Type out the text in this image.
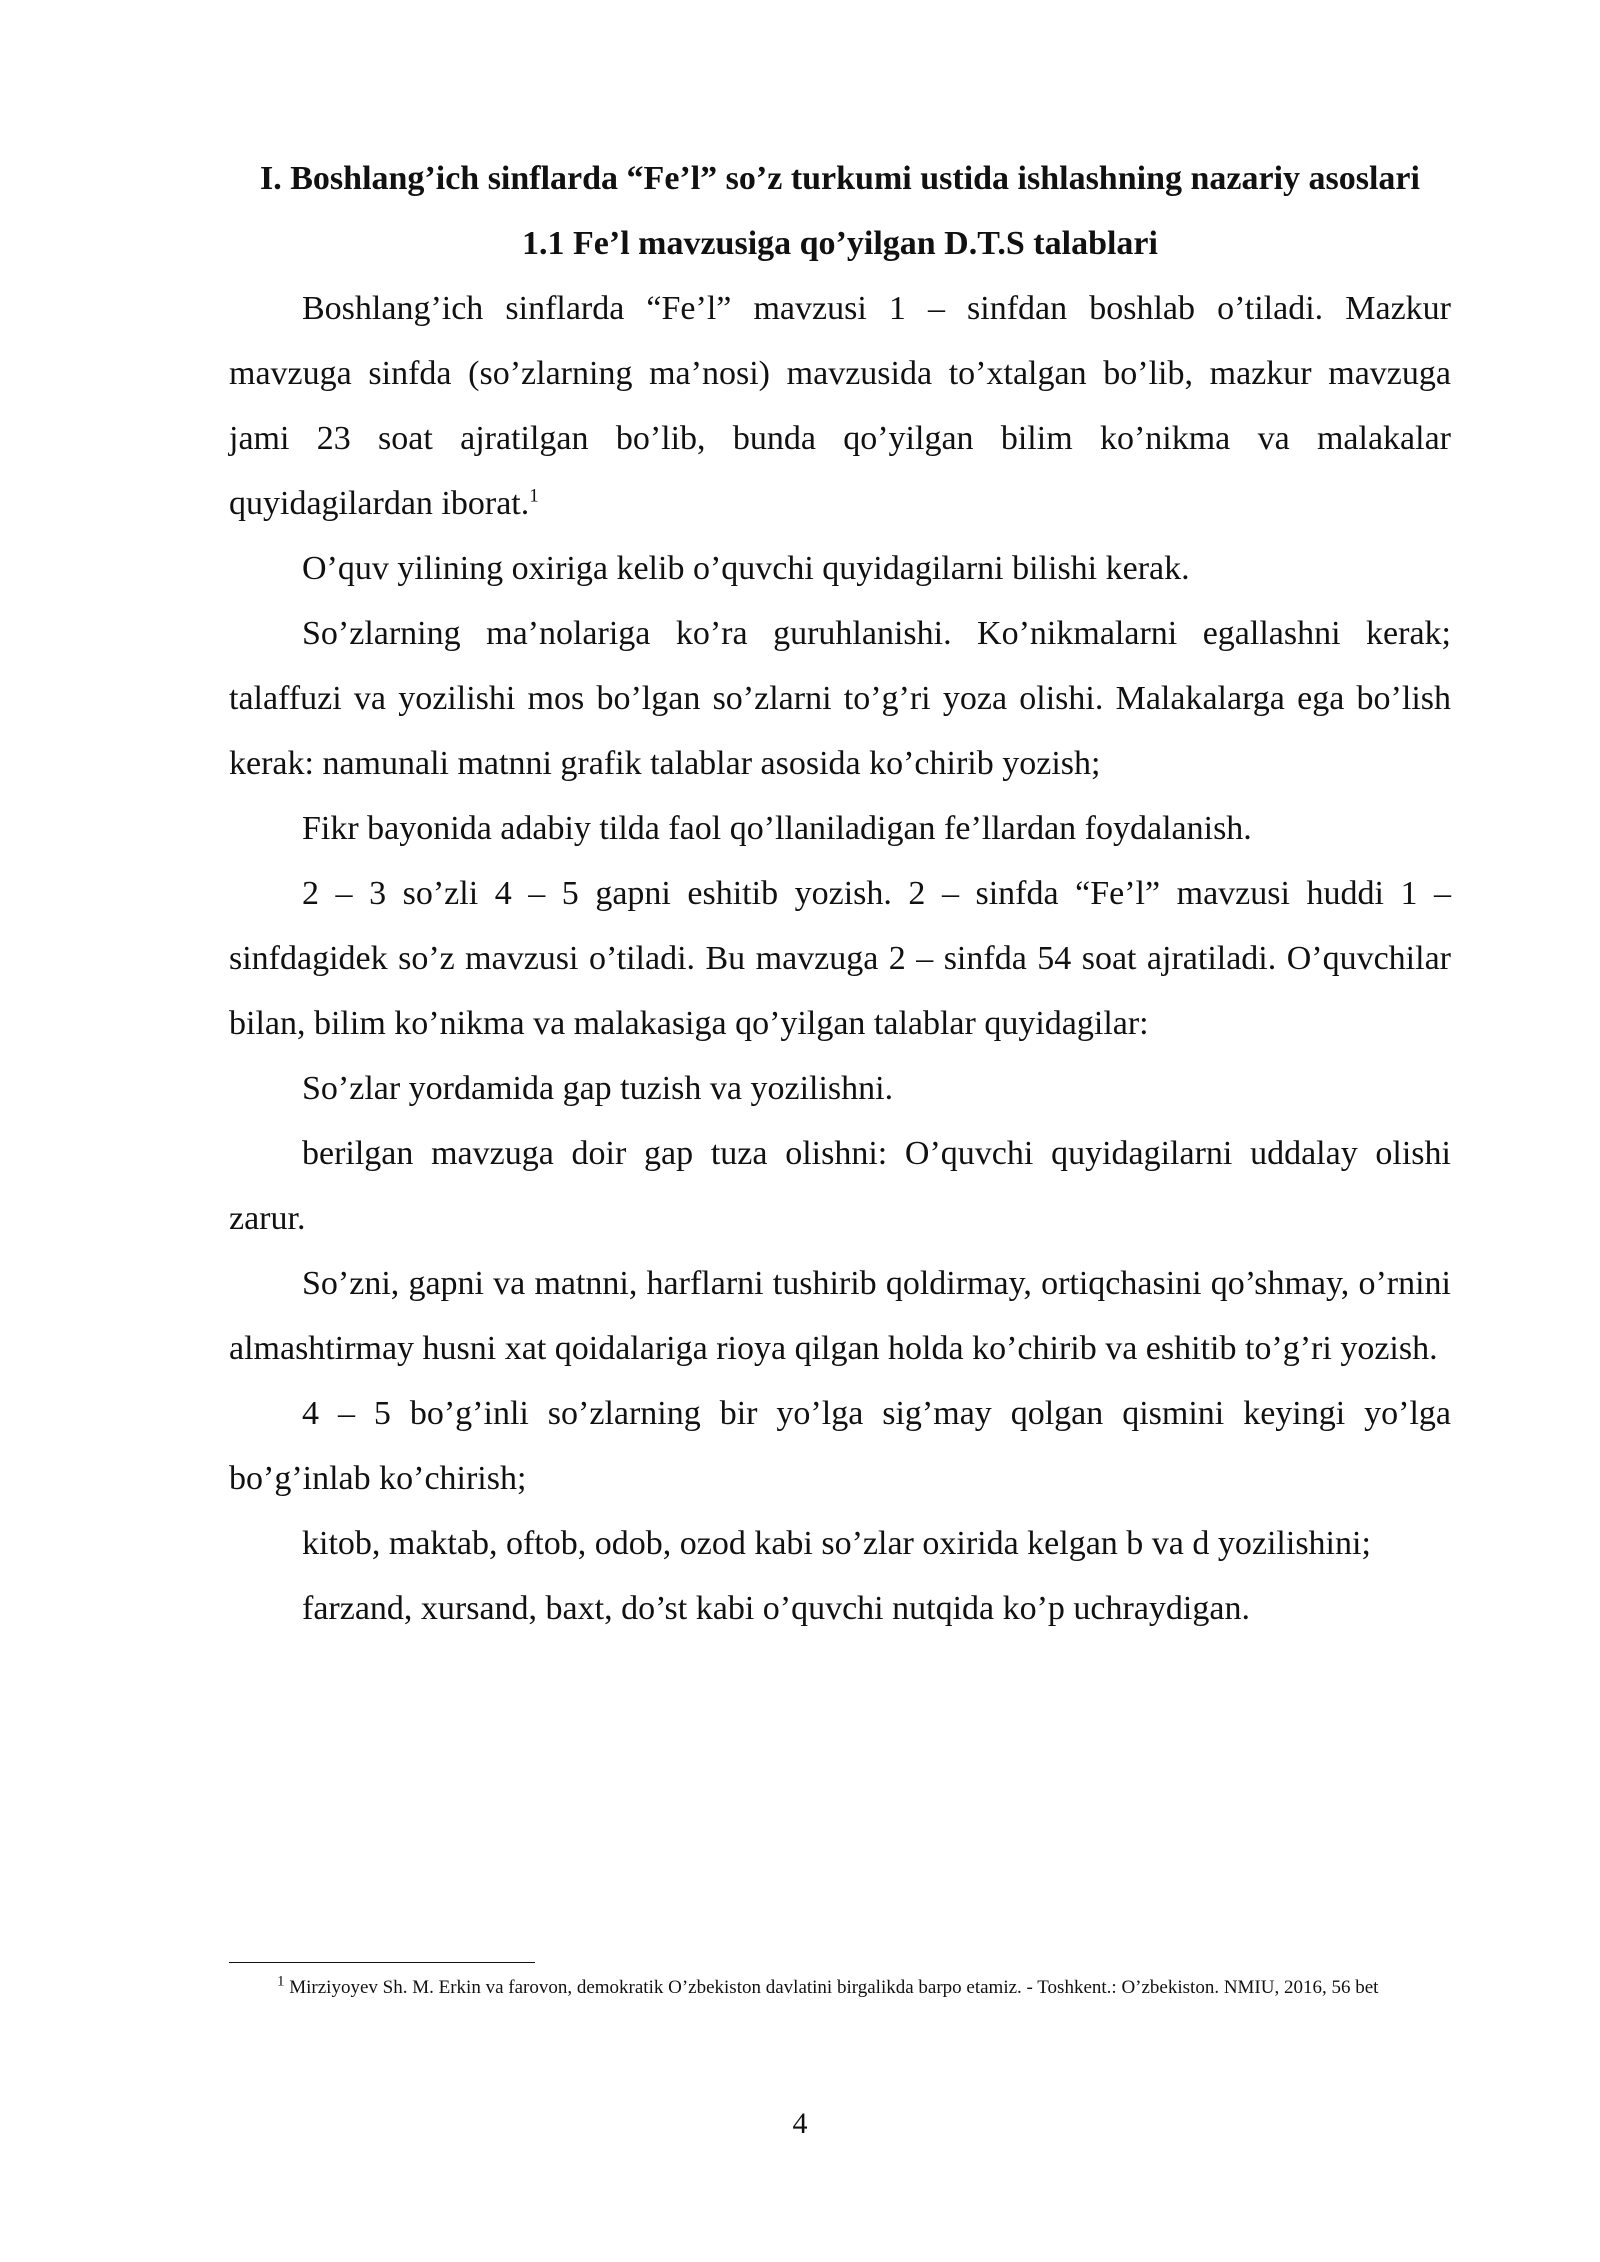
I. Boshlang’ich sinflarda “Fe’l” so’z turkumi ustida ishlashning nazariy asoslari

1.1 Fe’l mavzusiga qo’yilgan D.T.S talablari

Boshlang’ich sinflarda “Fe’l” mavzusi 1 – sinfdan boshlab o’tiladi. Mazkur mavzuga sinfda (so’zlarning ma’nosi) mavzusida to’xtalgan bo’lib, mazkur mavzuga jami 23 soat ajratilgan bo’lib, bunda qo’yilgan bilim ko’nikma va malakalar quyidagilardan iborat.$^1$

O’quv yilining oxiriga kelib o’quvchi quyidagilarni bilishi kerak.

So’zlarning ma’nolariga ko’ra guruhlanishi. Ko’nikmalarni egallashni kerak; talaffuzi va yozilishi mos bo’lgan so’zlarni to’g’ri yoza olishi. Malakalarga ega bo’lish kerak: namunali matnni grafik talablar asosida ko’chirib yozish;

Fikr bayonida adabiy tilda faol qo’llaniladigan fe’llardan foydalanish.

2 – 3 so’zli 4 – 5 gapni eshitib yozish. 2 – sinfda “Fe’l” mavzusi huddi 1 – sinfdagidek so’z mavzusi o’tiladi. Bu mavzuga 2 – sinfda 54 soat ajratiladi. O’quvchilar bilan, bilim ko’nikma va malakasiga qo’yilgan talablar quyidagilar:

So’zlar yordamida gap tuzish va yozilishni.

berilgan mavzuga doir gap tuza olishni: O’quvchi quyidagilarni uddalay olishi zarur.

So’zni, gapni va matnni, harflarni tushirib qoldirmay, ortiqchasini qo’shmay, o’rnini almashtirmay husni xat qoidalariga rioya qilgan holda ko’chirib va eshitib to’g’ri yozish.

4 – 5 bo’g’inli so’zlarning bir yo’lga sig’may qolgan qismini keyingi yo’lga bo’g’inlab ko’chirish;

kitob, maktab, oftob, odob, ozod kabi so’zlar oxirida kelgan b va d yozilishini;

farzand, xursand, baxt, do’st kabi o’quvchi nutqida ko’p uchraydigan.

$^1$ Mirziyoyev Sh. M. Erkin va farovon, demokratik O’zbekiston davlatini birgalikda barpo etamiz. - Toshkent.: O’zbekiston. NMIU, 2016, 56 bet

4
